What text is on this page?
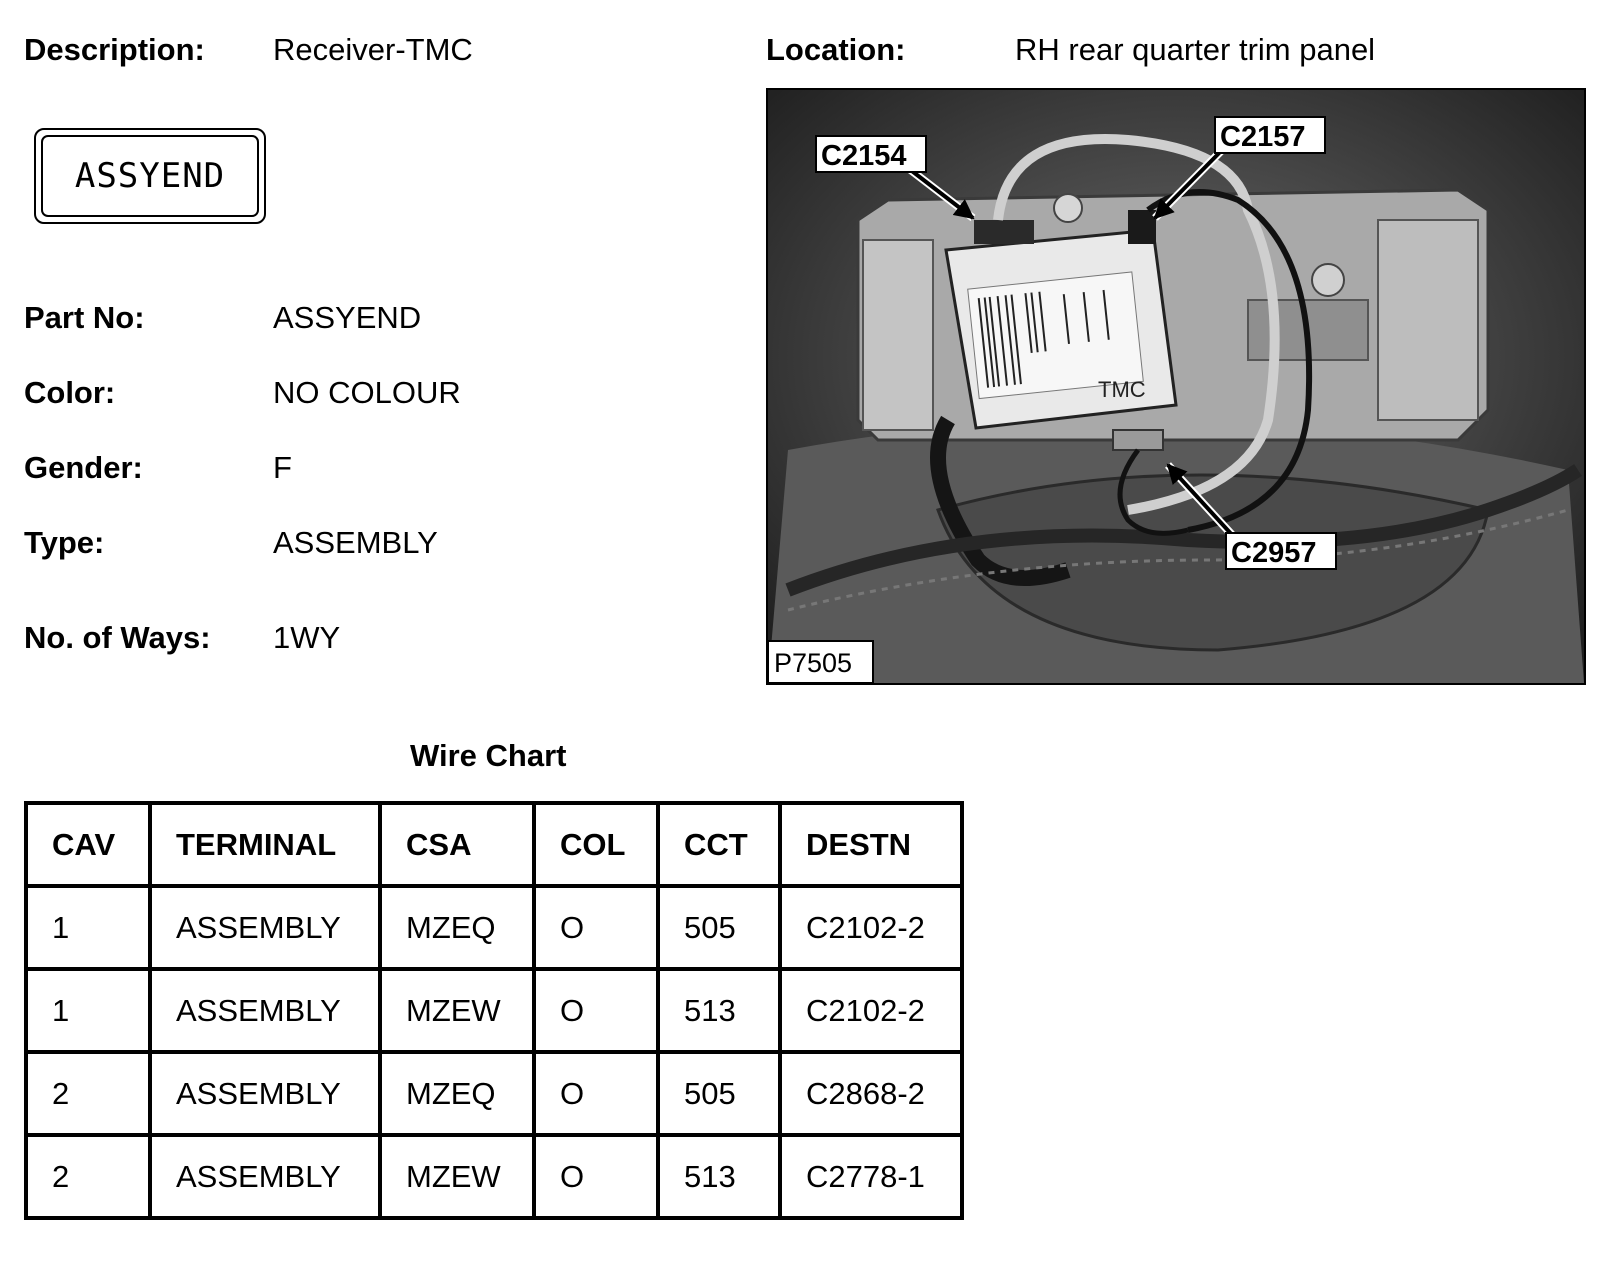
Description: Receiver-TMC	Location:	RH rear quarter trim panel
ASSYEND
Part No:	ASSYEND
Color:	NO COLOUR
Gender:	F
Type:	ASSEMBLY
No. of Ways: 1WY
TMC
C2154
C2157
C2957
P7505
Wire Chart
CAV	TERMINAL	CSA	COL	CCT	DESTN
1	ASSEMBLY	MZEQ	O	505	C2102-2
1	ASSEMBLY	MZEW	O	513	C2102-2
2	ASSEMBLY	MZEQ	O	505	C2868-2
2	ASSEMBLY	MZEW	O	513	C2778-1
